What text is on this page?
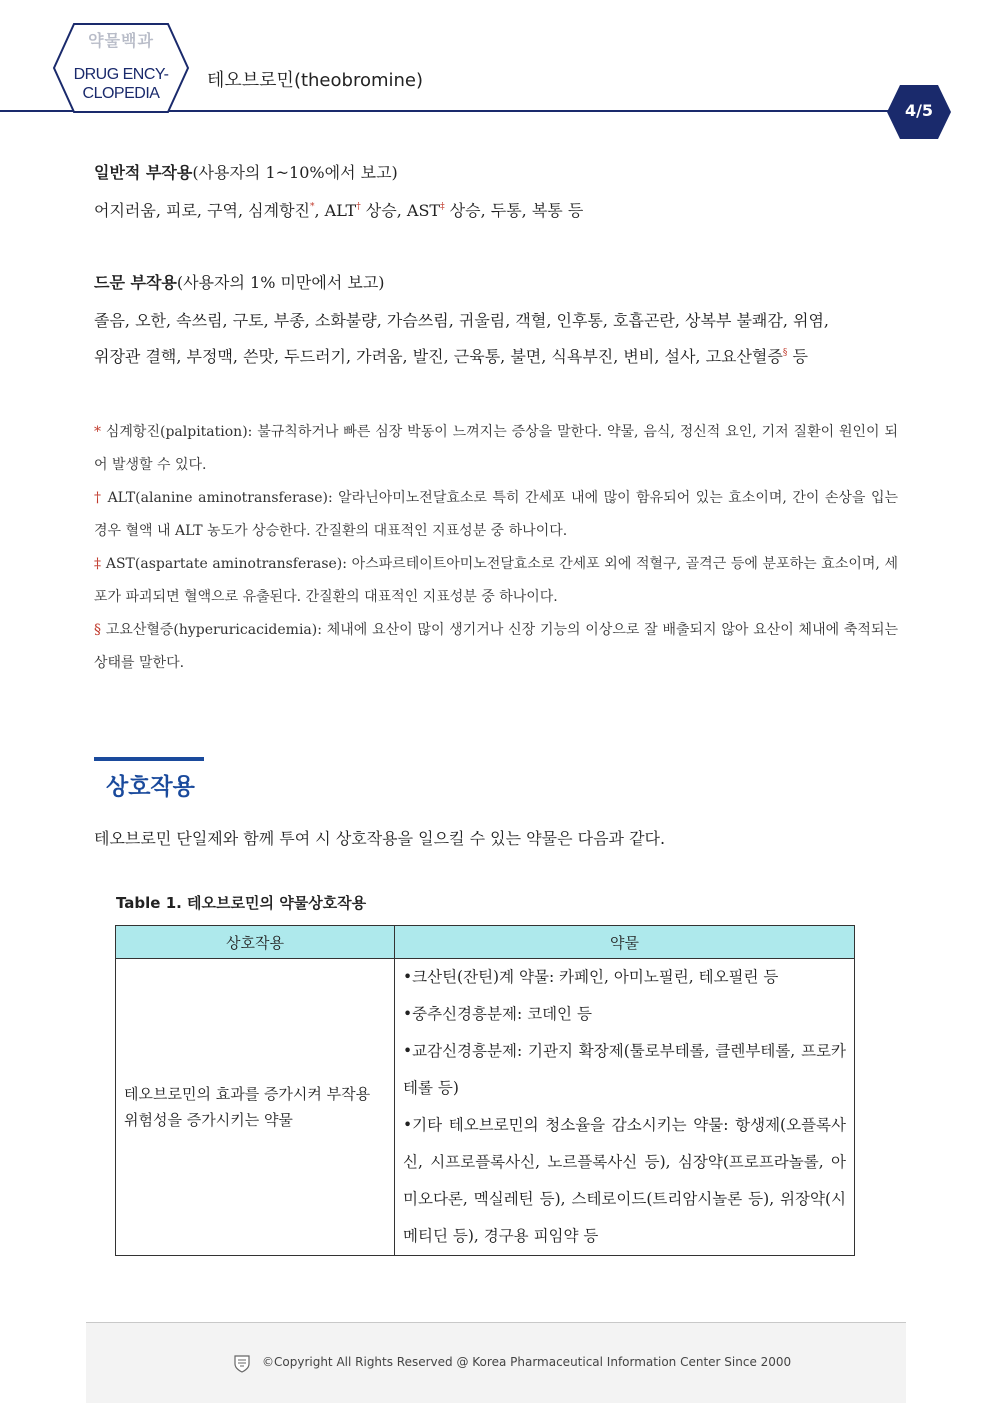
약물백과
DRUG ENCY-
CLOPEDIA
테오브로민(theobromine)
4/5
일반적 부작용(사용자의 1~10%에서 보고)
어지러움, 피로, 구역, 심계항진*, ALT† 상승, AST‡ 상승, 두통, 복통 등
드문 부작용(사용자의 1% 미만에서 보고)
졸음, 오한, 속쓰림, 구토, 부종, 소화불량, 가슴쓰림, 귀울림, 객혈, 인후통, 호흡곤란, 상복부 불쾌감, 위염,
위장관 결핵, 부정맥, 쓴맛, 두드러기, 가려움, 발진, 근육통, 불면, 식욕부진, 변비, 설사, 고요산혈증§ 등

* 심계항진(palpitation): 불규칙하거나 빠른 심장 박동이 느껴지는 증상을 말한다. 약물, 음식, 정신적 요인, 기저 질환이 원인이 되어 발생할 수 있다.

† ALT(alanine aminotransferase): 알라닌아미노전달효소로 특히 간세포 내에 많이 함유되어 있는 효소이며, 간이 손상을 입는 경우 혈액 내 ALT 농도가 상승한다. 간질환의 대표적인 지표성분 중 하나이다.

‡ AST(aspartate aminotransferase): 아스파르테이트아미노전달효소로 간세포 외에 적혈구, 골격근 등에 분포하는 효소이며, 세포가 파괴되면 혈액으로 유출된다. 간질환의 대표적인 지표성분 중 하나이다.

§ 고요산혈증(hyperuricacidemia): 체내에 요산이 많이 생기거나 신장 기능의 이상으로 잘 배출되지 않아 요산이 체내에 축적되는 상태를 말한다.

상호작용
테오브로민 단일제와 함께 투여 시 상호작용을 일으킬 수 있는 약물은 다음과 같다.
Table 1. 테오브로민의 약물상호작용
상호작용	약물
테오브로민의 효과를 증가시켜 부작용 위험성을 증가시키는 약물	•크산틴(잔틴)계 약물: 카페인, 아미노필린, 테오필린 등
•중추신경흥분제: 코데인 등
•교감신경흥분제: 기관지 확장제(툴로부테롤, 클렌부테롤, 프로카테롤 등)
•기타 테오브로민의 청소율을 감소시키는 약물: 항생제(오플록사신, 시프로플록사신, 노르플록사신 등), 심장약(프로프라놀롤, 아미오다론, 멕실레틴 등), 스테로이드(트리암시놀론 등), 위장약(시메티딘 등), 경구용 피임약 등
©Copyright All Rights Reserved @ Korea Pharmaceutical Information Center Since 2000
